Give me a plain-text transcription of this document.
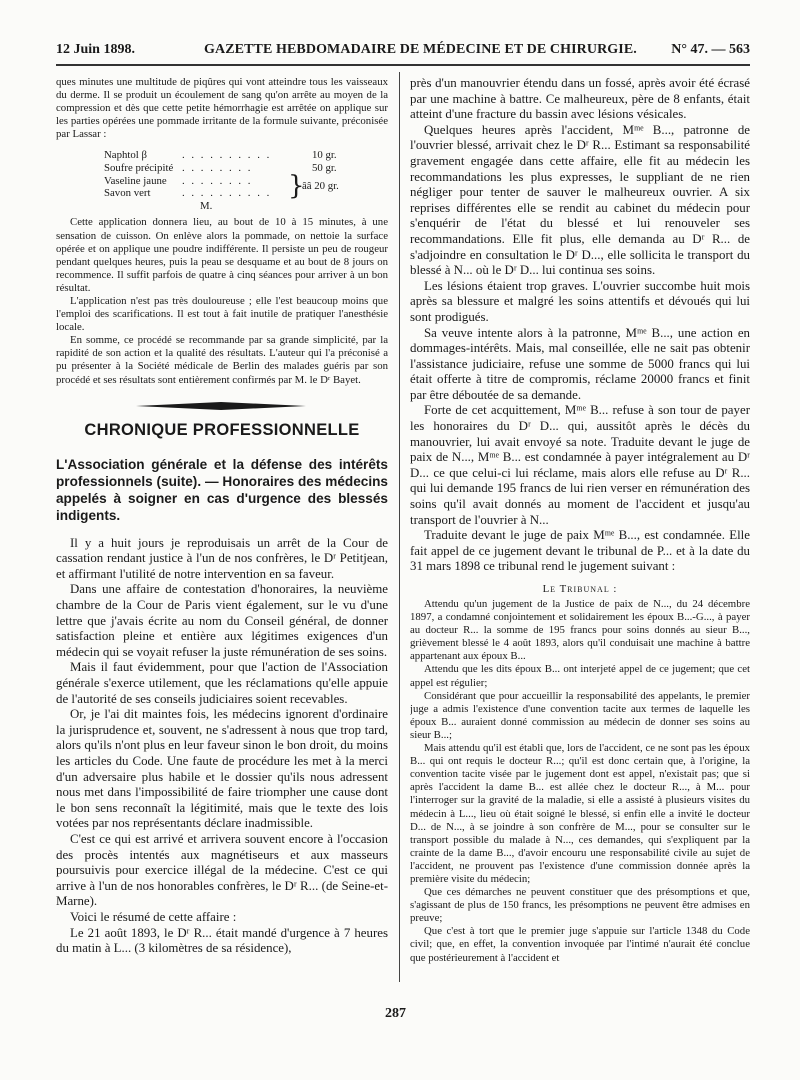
12 Juin 1898.	GAZETTE HEBDOMADAIRE DE MÉDECINE ET DE CHIRURGIE. N° 47. — 563

ques minutes une multitude de piqûres qui vont atteindre tous les vaisseaux du derme. Il se produit un écoulement de sang qu'on arrête au moyen de la compression et dès que cette petite hémorrhagie est arrêtée on applique sur les parties opérées une pommade irritante de la formule suivante, préconisée par Lassar :

Naphtol β	. . . . . . . . . .	10 gr.
Soufre précipité . . . . . . . .	50 gr.
Vaseline jaune . . . . . . . .
Savon vert	. . . . . . . . . . }
ââ 20 gr.
M.

Cette application donnera lieu, au bout de 10 à 15 minutes, à une sensation de cuisson. On enlève alors la pommade, on nettoie la surface opérée et on applique une poudre indifférente. Il persiste un peu de rougeur pendant quelques heures, puis la peau se desquame et au bout de 8 jours on recommence. Il suffit parfois de quatre à cinq séances pour arriver à un bon résultat.

L'application n'est pas très douloureuse ; elle l'est beaucoup moins que l'emploi des scarifications. Il est tout à fait inutile de pratiquer l'anesthésie locale.

En somme, ce procédé se recommande par sa grande simplicité, par la rapidité de son action et la qualité des résultats. L'auteur qui l'a préconisé a pu présenter à la Société médicale de Berlin des malades guéris par son procédé et ses résultats sont entièrement confirmés par M. le Dʳ Bayet.

CHRONIQUE PROFESSIONNELLE
L'Association générale et la défense des intérêts professionnels (suite). — Honoraires des médecins appelés à soigner en cas d'urgence des blessés indigents.

Il y a huit jours je reproduisais un arrêt de la Cour de cassation rendant justice à l'un de nos confrères, le Dʳ Petitjean, et affirmant l'utilité de notre intervention en sa faveur.

Dans une affaire de contestation d'honoraires, la neuvième chambre de la Cour de Paris vient également, sur le vu d'une lettre que j'avais écrite au nom du Conseil général, de donner satisfaction pleine et entière aux légitimes exigences d'un médecin qui se voyait refuser la juste rémunération de ses soins.

Mais il faut évidemment, pour que l'action de l'Association générale s'exerce utilement, que les réclamations qu'elle appuie de l'autorité de ses conseils judiciaires soient recevables.

Or, je l'ai dit maintes fois, les médecins ignorent d'ordinaire la jurisprudence et, souvent, ne s'adressent à nous que trop tard, alors qu'ils n'ont plus en leur faveur sinon le bon droit, du moins les articles du Code. Une faute de procédure les met à la merci d'un adversaire plus habile et le dossier qu'ils nous adressent nous met dans l'impossibilité de faire triompher une cause dont le bon sens reconnaît la légitimité, mais que le texte des lois votées par nos représentants déclare inadmissible.

C'est ce qui est arrivé et arrivera souvent encore à l'occasion des procès intentés aux magnétiseurs et aux masseurs poursuivis pour exercice illégal de la médecine. C'est ce qui arrive à l'un de nos honorables confrères, le Dʳ R... (de Seine-et-Marne).

Voici le résumé de cette affaire :

Le 21 août 1893, le Dʳ R... était mandé d'urgence à 7 heures du matin à L... (3 kilomètres de sa résidence),

près d'un manouvrier étendu dans un fossé, après avoir été écrasé par une machine à battre. Ce malheureux, père de 8 enfants, était atteint d'une fracture du bassin avec lésions vésicales.

Quelques heures après l'accident, Mᵐᵉ B..., patronne de l'ouvrier blessé, arrivait chez le Dʳ R... Estimant sa responsabilité gravement engagée dans cette affaire, elle fit au médecin les recommandations les plus expresses, le suppliant de ne rien négliger pour tenter de sauver le malheureux ouvrier. A six reprises différentes elle se rendit au cabinet du médecin pour s'enquérir de l'état du blessé et lui renouveler ses recommandations. Elle fit plus, elle demanda au Dʳ R... de s'adjoindre en consultation le Dʳ D..., elle sollicita le transport du blessé à N... où le Dʳ D... lui continua ses soins.

Les lésions étaient trop graves. L'ouvrier succombe huit mois après sa blessure et malgré les soins attentifs et dévoués qui lui sont prodigués.

Sa veuve intente alors à la patronne, Mᵐᵉ B..., une action en dommages-intérêts. Mais, mal conseillée, elle ne sait pas obtenir l'assistance judiciaire, refuse une somme de 5000 francs qui lui était offerte à titre de compromis, réclame 20000 francs et finit par être déboutée de sa demande.

Forte de cet acquittement, Mᵐᵉ B... refuse à son tour de payer les honoraires du Dʳ D... qui, aussitôt après le décès du manouvrier, lui avait envoyé sa note. Traduite devant le juge de paix de N..., Mᵐᵉ B... est condamnée à payer intégralement au Dʳ D... ce que celui-ci lui réclame, mais alors elle refuse au Dʳ R... qui lui demande 195 francs de lui rien verser en rémunération des soins qu'il avait donnés au moment de l'accident et jusqu'au transport de l'ouvrier à N...

Traduite devant le juge de paix Mᵐᵉ B..., est condamnée. Elle fait appel de ce jugement devant le tribunal de P... et à la date du 31 mars 1898 ce tribunal rend le jugement suivant :

Le Tribunal :

Attendu qu'un jugement de la Justice de paix de N..., du 24 décembre 1897, a condamné conjointement et solidairement les époux B...-G..., à payer au docteur R... la somme de 195 francs pour soins donnés au sieur B..., grièvement blessé le 4 août 1893, alors qu'il conduisait une machine à battre appartenant aux époux B...

Attendu que les dits époux B... ont interjeté appel de ce jugement; que cet appel est régulier;

Considérant que pour accueillir la responsabilité des appelants, le premier juge a admis l'existence d'une convention tacite aux termes de laquelle les époux B... auraient donné commission au médecin de donner ses soins au sieur B...;

Mais attendu qu'il est établi que, lors de l'accident, ce ne sont pas les époux B... qui ont requis le docteur R...; qu'il est donc certain que, à l'origine, la convention tacite visée par le jugement dont est appel, n'existait pas; que si après l'accident la dame B... est allée chez le docteur R..., à M... pour l'interroger sur la gravité de la maladie, si elle a assisté à plusieurs visites du médecin à L..., lieu où était soigné le blessé, si enfin elle a invité le docteur D... de N..., à se joindre à son confrère de M..., pour se consulter sur le transport possible du malade à N..., ces demandes, qui s'expliquent par la crainte de la dame B..., d'avoir encouru une responsabilité civile au sujet de l'accident, ne prouvent pas l'existence d'une commission donnée après la première visite du médecin;

Que ces démarches ne peuvent constituer que des présomptions et que, s'agissant de plus de 150 francs, les présomptions ne peuvent être admises en preuve;

Que c'est à tort que le premier juge s'appuie sur l'article 1348 du Code civil; que, en effet, la convention invoquée par l'intimé n'aurait été conclue que postérieurement à l'accident et

287
